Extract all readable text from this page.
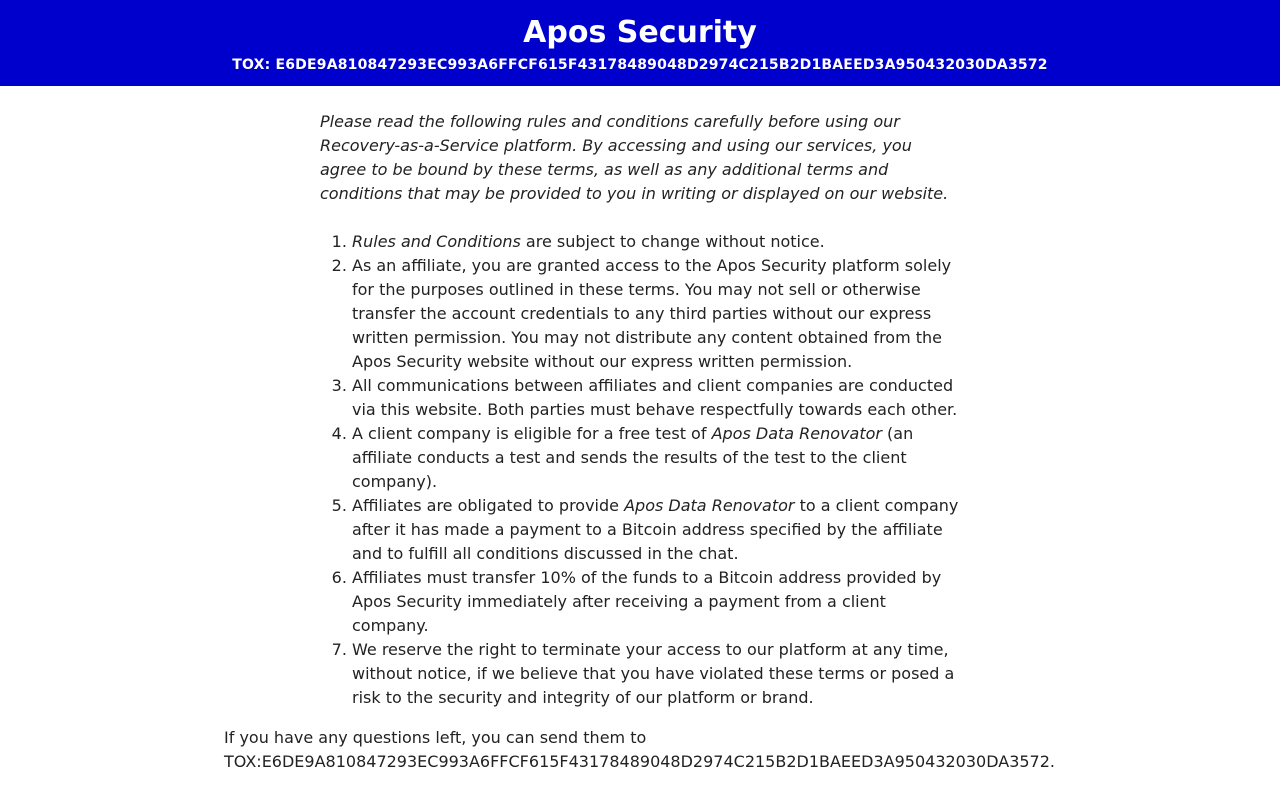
Apos Security
TOX: E6DE9A810847293EC993A6FFCF615F43178489048D2974C215B2D1BAEED3A950432030DA3572

Please read the following rules and conditions carefully before using our Recovery-as-a-Service platform. By accessing and using our services, you agree to be bound by these terms, as well as any additional terms and conditions that may be provided to you in writing or displayed on our website.

1. Rules and Conditions are subject to change without notice.
2. As an affiliate, you are granted access to the Apos Security platform solely for the purposes outlined in these terms. You may not sell or otherwise transfer the account credentials to any third parties without our express written permission. You may not distribute any content obtained from the Apos Security website without our express written permission.
3. All communications between affiliates and client companies are conducted via this website. Both parties must behave respectfully towards each other.
4. A client company is eligible for a free test of Apos Data Renovator (an affiliate conducts a test and sends the results of the test to the client company).
5. Affiliates are obligated to provide Apos Data Renovator to a client company after it has made a payment to a Bitcoin address specified by the affiliate and to fulfill all conditions discussed in the chat.
6. Affiliates must transfer 10% of the funds to a Bitcoin address provided by Apos Security immediately after receiving a payment from a client company.
7. We reserve the right to terminate your access to our platform at any time, without notice, if we believe that you have violated these terms or posed a risk to the security and integrity of our platform or brand.

If you have any questions left, you can send them to

TOX:E6DE9A810847293EC993A6FFCF615F43178489048D2974C215B2D1BAEED3A950432030DA3572.
